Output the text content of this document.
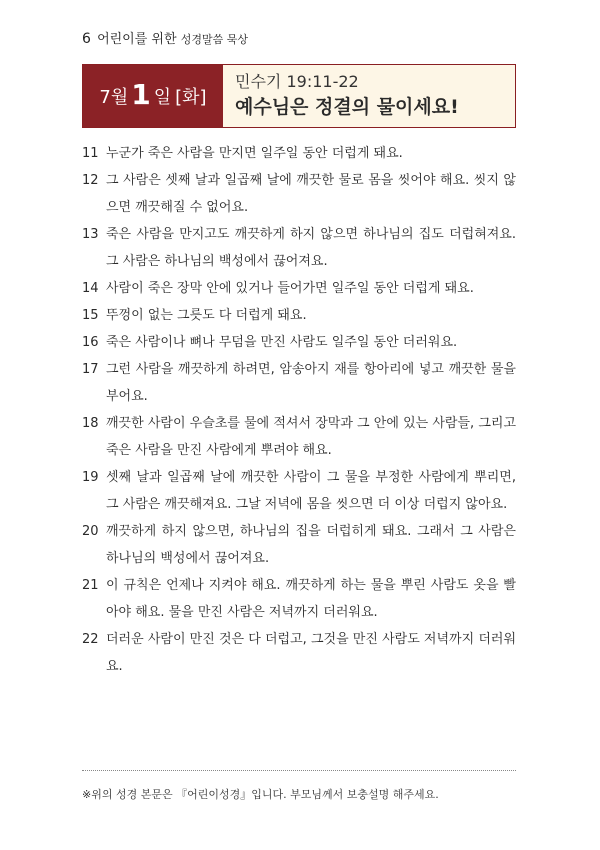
6 어린이를 위한 성경말씀 묵상
7월 1 일 [화]
민수기 19:11-22
예수님은 정결의 물이세요!
11 누군가 죽은 사람을 만지면 일주일 동안 더럽게 돼요.
12 그 사람은 셋째 날과 일곱째 날에 깨끗한 물로 몸을 씻어야 해요. 씻지 않으면 깨끗해질 수 없어요.
13 죽은 사람을 만지고도 깨끗하게 하지 않으면 하나님의 집도 더럽혀져요. 그 사람은 하나님의 백성에서 끊어져요.
14 사람이 죽은 장막 안에 있거나 들어가면 일주일 동안 더럽게 돼요.
15 뚜껑이 없는 그릇도 다 더럽게 돼요.
16 죽은 사람이나 뼈나 무덤을 만진 사람도 일주일 동안 더러워요.
17 그런 사람을 깨끗하게 하려면, 암송아지 재를 항아리에 넣고 깨끗한 물을 부어요.
18 깨끗한 사람이 우슬초를 물에 적셔서 장막과 그 안에 있는 사람들, 그리고 죽은 사람을 만진 사람에게 뿌려야 해요.
19 셋째 날과 일곱째 날에 깨끗한 사람이 그 물을 부정한 사람에게 뿌리면, 그 사람은 깨끗해져요. 그날 저녁에 몸을 씻으면 더 이상 더럽지 않아요.
20 깨끗하게 하지 않으면, 하나님의 집을 더럽히게 돼요. 그래서 그 사람은 하나님의 백성에서 끊어져요.
21 이 규칙은 언제나 지켜야 해요. 깨끗하게 하는 물을 뿌린 사람도 옷을 빨아야 해요. 물을 만진 사람은 저녁까지 더러워요.
22 더러운 사람이 만진 것은 다 더럽고, 그것을 만진 사람도 저녁까지 더러워요.
※위의 성경 본문은 『어린이성경』입니다. 부모님께서 보충설명 해주세요.
